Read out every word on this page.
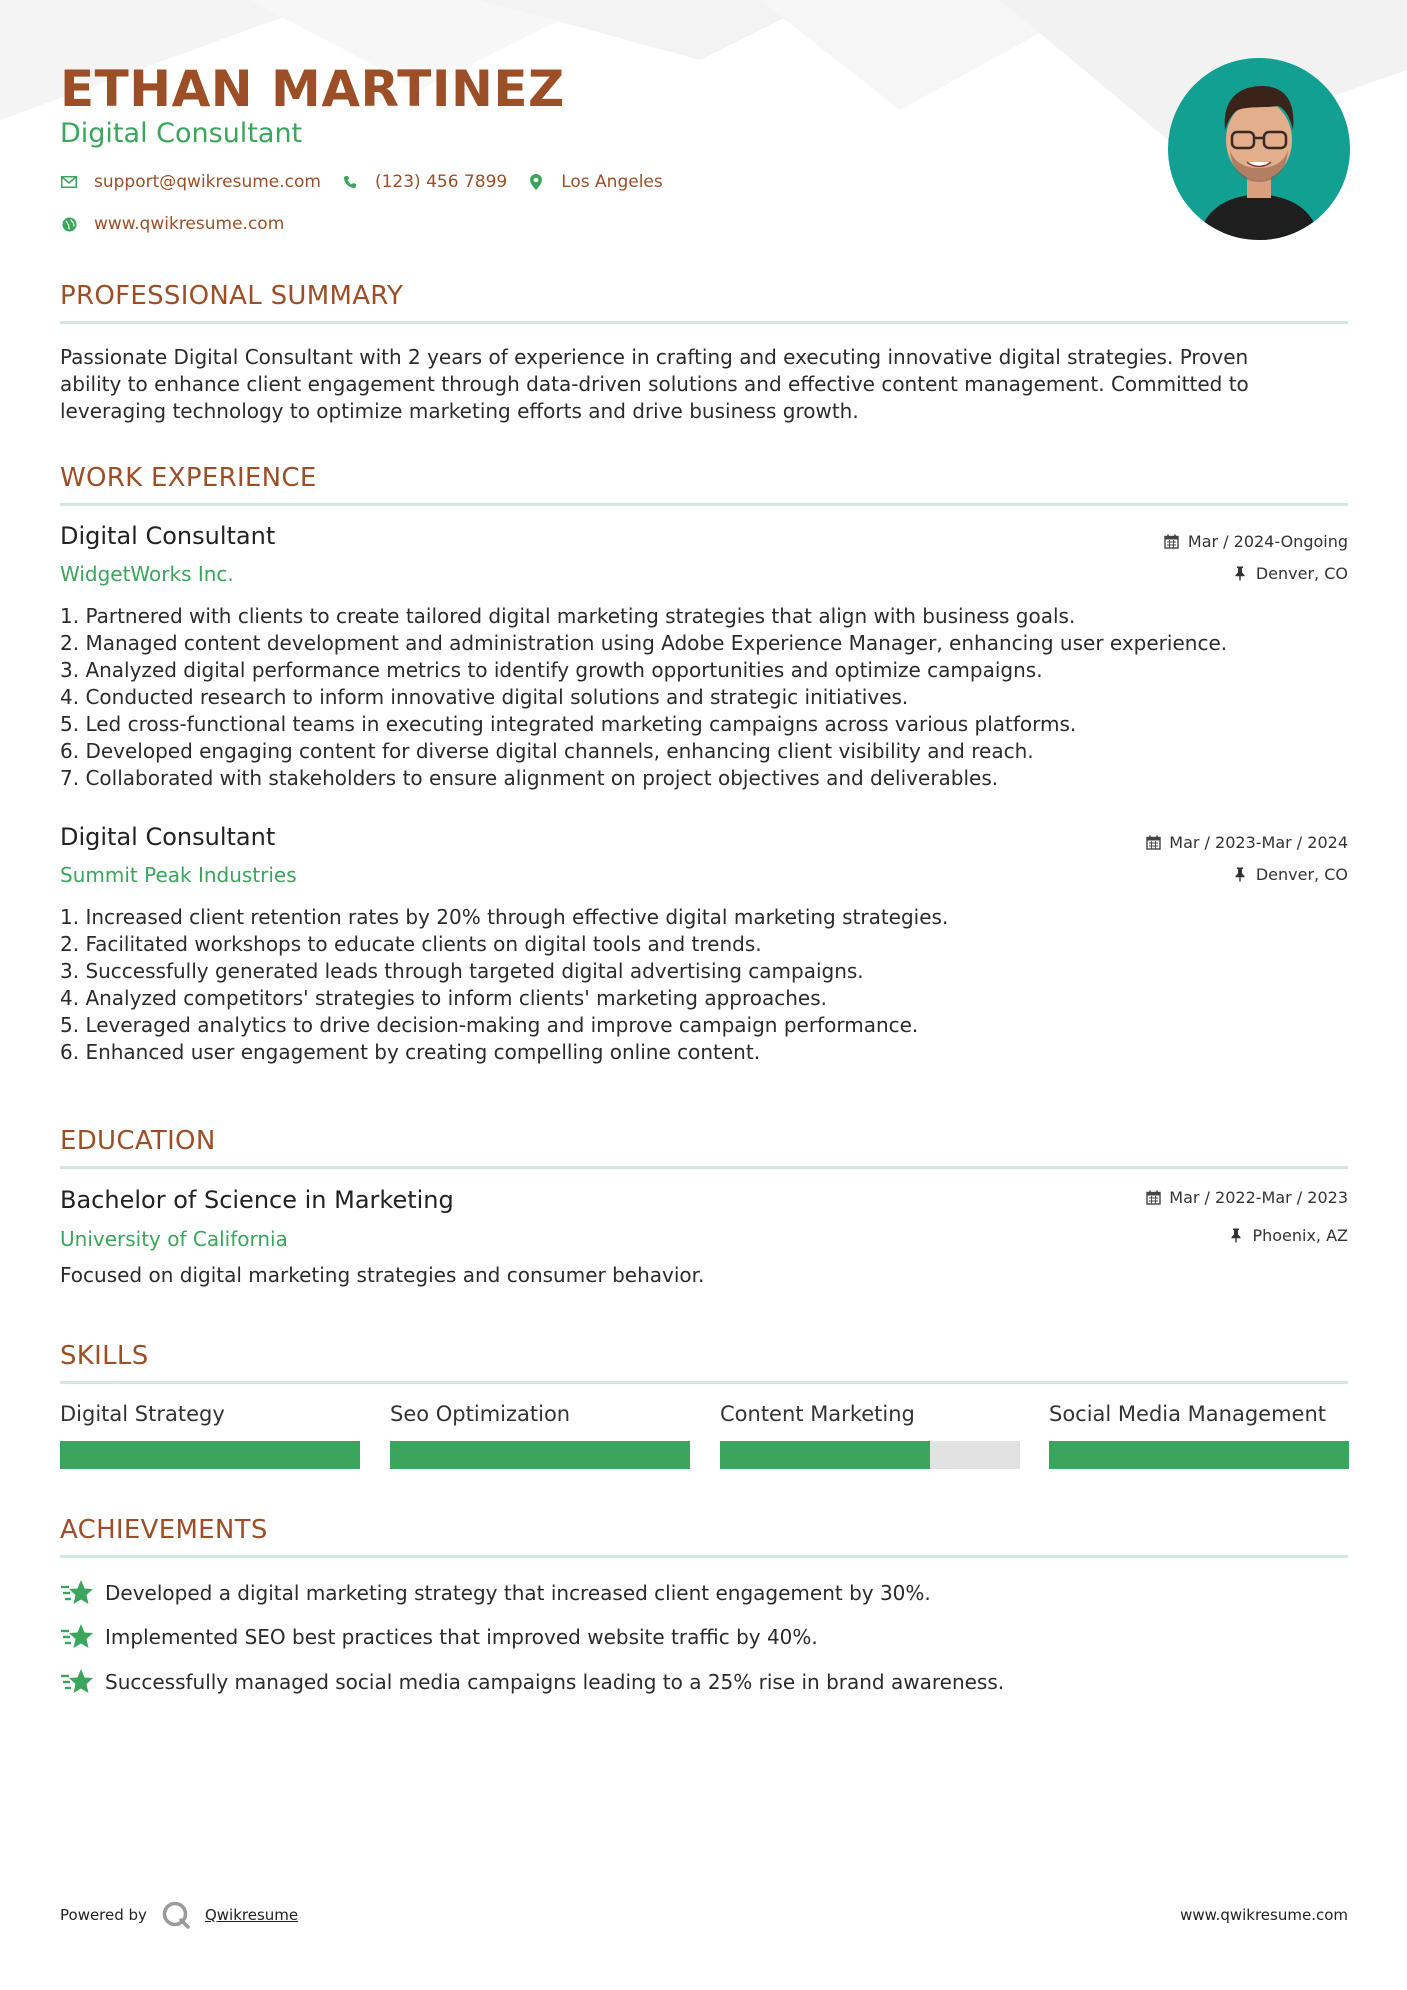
ETHAN MARTINEZ
Digital Consultant
support@qwikresume.com	(123) 456 7899	Los Angeles
www.qwikresume.com
PROFESSIONAL SUMMARY
Passionate Digital Consultant with 2 years of experience in crafting and executing innovative digital strategies. Proven
ability to enhance client engagement through data-driven solutions and effective content management. Committed to
leveraging technology to optimize marketing efforts and drive business growth.
WORK EXPERIENCE
Digital Consultant
WidgetWorks Inc.
Mar / 2024-Ongoing
Denver, CO
1. Partnered with clients to create tailored digital marketing strategies that align with business goals.
2. Managed content development and administration using Adobe Experience Manager, enhancing user experience.
3. Analyzed digital performance metrics to identify growth opportunities and optimize campaigns.
4. Conducted research to inform innovative digital solutions and strategic initiatives.
5. Led cross-functional teams in executing integrated marketing campaigns across various platforms.
6. Developed engaging content for diverse digital channels, enhancing client visibility and reach.
7. Collaborated with stakeholders to ensure alignment on project objectives and deliverables.
Digital Consultant
Summit Peak Industries
Mar / 2023-Mar / 2024
Denver, CO
1. Increased client retention rates by 20% through effective digital marketing strategies.
2. Facilitated workshops to educate clients on digital tools and trends.
3. Successfully generated leads through targeted digital advertising campaigns.
4. Analyzed competitors' strategies to inform clients' marketing approaches.
5. Leveraged analytics to drive decision-making and improve campaign performance.
6. Enhanced user engagement by creating compelling online content.
EDUCATION
Bachelor of Science in Marketing
University of California
Mar / 2022-Mar / 2023
Phoenix, AZ
Focused on digital marketing strategies and consumer behavior.
SKILLS
Digital Strategy	Seo Optimization	Content Marketing	Social Media Management
ACHIEVEMENTS
Developed a digital marketing strategy that increased client engagement by 30%.
Implemented SEO best practices that improved website traffic by 40%.
Successfully managed social media campaigns leading to a 25% rise in brand awareness.
Powered by	Qwikresume	www.qwikresume.com
